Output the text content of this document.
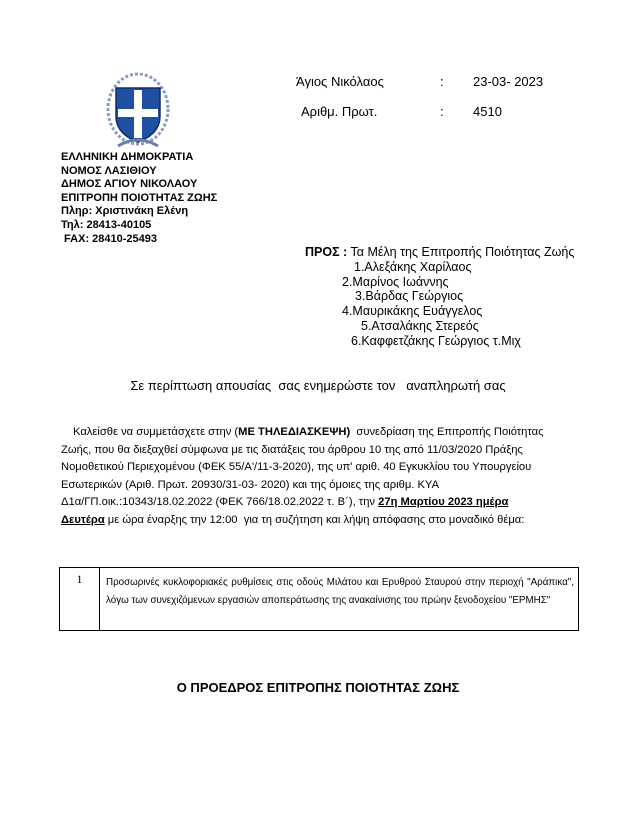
Άγιος Νικόλαος	: 23-03- 2023
Αριθμ. Πρωτ.	: 4510
ΕΛΛΗΝΙΚΗ ΔΗΜΟΚΡΑΤΙΑ
ΝΟΜΟΣ ΛΑΣΙΘΙΟΥ
ΔΗΜΟΣ ΑΓΙΟΥ ΝΙΚΟΛΑΟΥ
ΕΠΙΤΡΟΠΗ ΠΟΙΟΤΗΤΑΣ ΖΩΗΣ
Πληρ: Χριστινάκη Ελένη
Τηλ: 28413-40105
FAX: 28410-25493
ΠΡΟΣ : Τα Μέλη της Επιτροπής Ποιότητας Ζωής
1.Αλεξάκης Χαρίλαος
2.Μαρίνος Ιωάννης
3.Βάρδας Γεώργιος
4.Μαυρικάκης Ευάγγελος
5.Ατσαλάκης Στερεός
6.Καφφετζάκης Γεώργιος τ.Μιχ
Σε περίπτωση απουσίας  σας ενημερώστε τον   αναπληρωτή σας

Καλείσθε να συμμετάσχετε στην (ΜΕ ΤΗΛΕΔΙΑΣΚΕΨΗ)  συνεδρίαση της Επιτροπής Ποιότητας

Ζωής, που θα διεξαχθεί σύμφωνα με τις διατάξεις του άρθρου 10 της από 11/03/2020 Πράξης

Νομοθετικού Περιεχομένου (ΦΕΚ 55/Α'/11-3-2020), της υπ' αριθ. 40 Εγκυκλίου του Υπουργείου

Εσωτερικών (Αριθ. Πρωτ. 20930/31-03- 2020) και της όμοιες της αριθμ. ΚΥΑ

Δ1α/ΓΠ.οικ.:10343/18.02.2022 (ΦΕΚ 766/18.02.2022 τ. Β΄), την 27η Μαρτίου 2023 ημέρα

Δευτέρα με ώρα έναρξης την 12:00  για τη συζήτηση και λήψη απόφασης στο μοναδικό θέμα:

1	Προσωρινές κυκλοφοριακές ρυθμίσεις στις οδούς Μιλάτου και Ερυθρού Σταυρού στην περιοχή "Αράπικα", λόγω των συνεχιζόμενων εργασιών αποπεράτωσης της ανακαίνισης του πρώην ξενοδοχείου "ΕΡΜΗΣ"
Ο ΠΡΟΕΔΡΟΣ ΕΠΙΤΡΟΠΗΣ ΠΟΙΟΤΗΤΑΣ ΖΩΗΣ
